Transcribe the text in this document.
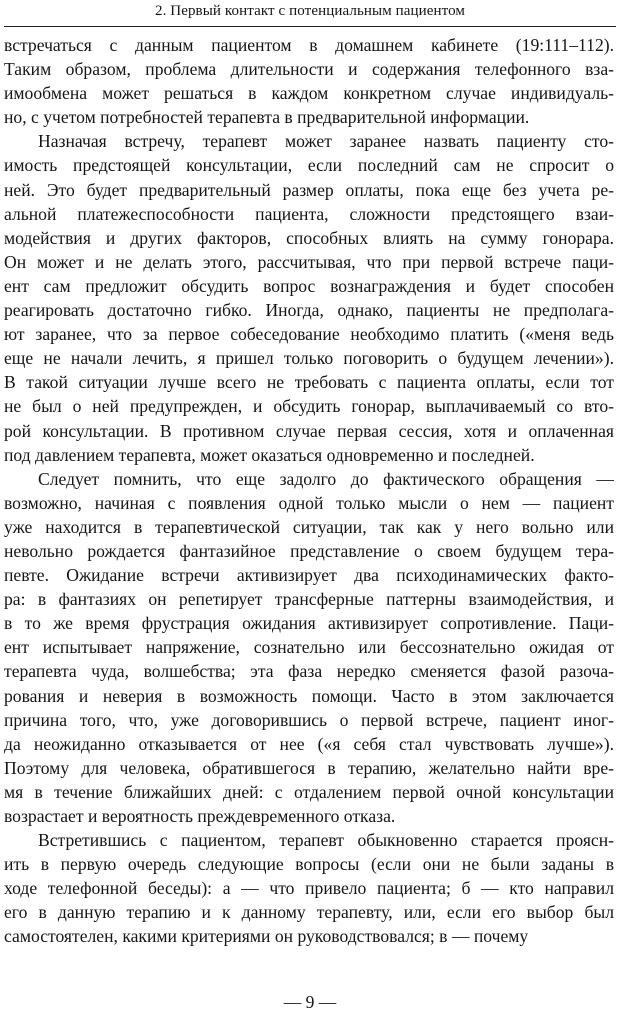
2. Первый контакт с потенциальным пациентом

встречаться с данным пациентом в домашнем кабинете (19:111–112).
Таким образом, проблема длительности и содержания телефонного вза-
имообмена может решаться в каждом конкретном случае индивидуаль-
но, с учетом потребностей терапевта в предварительной информации.

Назначая встречу, терапевт может заранее назвать пациенту сто-
имость предстоящей консультации, если последний сам не спросит о
ней. Это будет предварительный размер оплаты, пока еще без учета ре-
альной платежеспособности пациента, сложности предстоящего взаи-
модействия и других факторов, способных влиять на сумму гонорара.
Он может и не делать этого, рассчитывая, что при первой встрече паци-
ент сам предложит обсудить вопрос вознаграждения и будет способен
реагировать достаточно гибко. Иногда, однако, пациенты не предполага-
ют заранее, что за первое собеседование необходимо платить («меня ведь
еще не начали лечить, я пришел только поговорить о будущем лечении»).
В такой ситуации лучше всего не требовать с пациента оплаты, если тот
не был о ней предупрежден, и обсудить гонорар, выплачиваемый со вто-
рой консультации. В противном случае первая сессия, хотя и оплаченная
под давлением терапевта, может оказаться одновременно и последней.

Следует помнить, что еще задолго до фактического обращения —
возможно, начиная с появления одной только мысли о нем — пациент
уже находится в терапевтической ситуации, так как у него вольно или
невольно рождается фантазийное представление о своем будущем тера-
певте. Ожидание встречи активизирует два психодинамических факто-
ра: в фантазиях он репетирует трансферные паттерны взаимодействия, и
в то же время фрустрация ожидания активизирует сопротивление. Паци-
ент испытывает напряжение, сознательно или бессознательно ожидая от
терапевта чуда, волшебства; эта фаза нередко сменяется фазой разоча-
рования и неверия в возможность помощи. Часто в этом заключается
причина того, что, уже договорившись о первой встрече, пациент иног-
да неожиданно отказывается от нее («я себя стал чувствовать лучше»).
Поэтому для человека, обратившегося в терапию, желательно найти вре-
мя в течение ближайших дней: с отдалением первой очной консультации
возрастает и вероятность преждевременного отказа.

Встретившись с пациентом, терапевт обыкновенно старается проясн-
ить в первую очередь следующие вопросы (если они не были заданы в
ходе телефонной беседы): а — что привело пациента; б — кто направил
его в данную терапию и к данному терапевту, или, если его выбор был
самостоятелен, какими критериями он руководствовался; в — почему

— 9 —
